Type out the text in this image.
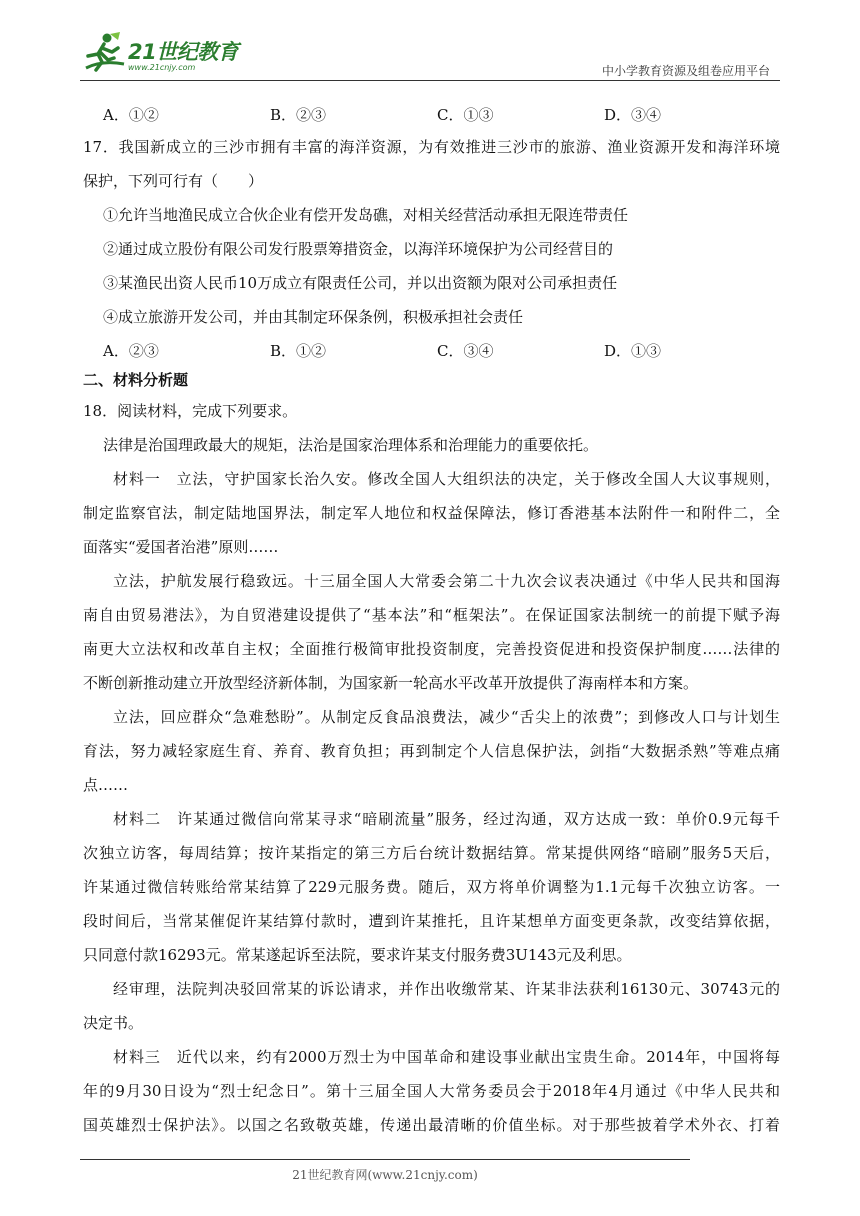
21世纪教育
www.21cnjy.com	中小学教育资源及组卷应用平台
A．①②	B．②③	C．①③	D．③④
17．我国新成立的三沙市拥有丰富的海洋资源，为有效推进三沙市的旅游、渔业资源开发和海洋环境
保护，下列可行有（　　）
①允许当地渔民成立合伙企业有偿开发岛礁，对相关经营活动承担无限连带责任
②通过成立股份有限公司发行股票筹措资金，以海洋环境保护为公司经营目的
③某渔民出资人民币10万成立有限责任公司，并以出资额为限对公司承担责任
④成立旅游开发公司，并由其制定环保条例，积极承担社会责任
A．②③	B．①②	C．③④	D．①③
二、材料分析题
18．阅读材料，完成下列要求。
法律是治国理政最大的规矩，法治是国家治理体系和治理能力的重要依托。
材料一　立法，守护国家长治久安。修改全国人大组织法的决定，关于修改全国人大议事规则，
制定监察官法，制定陆地国界法，制定军人地位和权益保障法，修订香港基本法附件一和附件二，全
面落实“爱国者治港”原则……
立法，护航发展行稳致远。十三届全国人大常委会第二十九次会议表决通过《中华人民共和国海
南自由贸易港法》，为自贸港建设提供了“基本法”和“框架法”。在保证国家法制统一的前提下赋予海
南更大立法权和改革自主权；全面推行极简审批投资制度，完善投资促进和投资保护制度……法律的
不断创新推动建立开放型经济新体制，为国家新一轮高水平改革开放提供了海南样本和方案。
立法，回应群众“急难愁盼”。从制定反食品浪费法，减少“舌尖上的浓费”；到修改人口与计划生
育法，努力减轻家庭生育、养育、教育负担；再到制定个人信息保护法，剑指“大数据杀熟”等难点痛
点……
材料二　许某通过微信向常某寻求“暗刷流量”服务，经过沟通，双方达成一致：单价0.9元每千
次独立访客，每周结算；按许某指定的第三方后台统计数据结算。常某提供网络“暗刷”服务5天后，
许某通过微信转账给常某结算了229元服务费。随后，双方将单价调整为1.1元每千次独立访客。一
段时间后，当常某催促许某结算付款时，遭到许某推托，且许某想单方面变更条款，改变结算依据，
只同意付款16293元。常某遂起诉至法院，要求许某支付服务费3U143元及利思。
经审理，法院判决驳回常某的诉讼请求，并作出收缴常某、许某非法获利16130元、30743元的
决定书。
材料三　近代以来，约有2000万烈士为中国革命和建设事业献出宝贵生命。2014年，中国将每
年的9月30日设为“烈士纪念日”。第十三届全国人大常务委员会于2018年4月通过《中华人民共和
国英雄烈士保护法》。以国之名致敬英雄，传递出最清晰的价值坐标。对于那些披着学术外衣、打着
21世纪教育网(www.21cnjy.com)
